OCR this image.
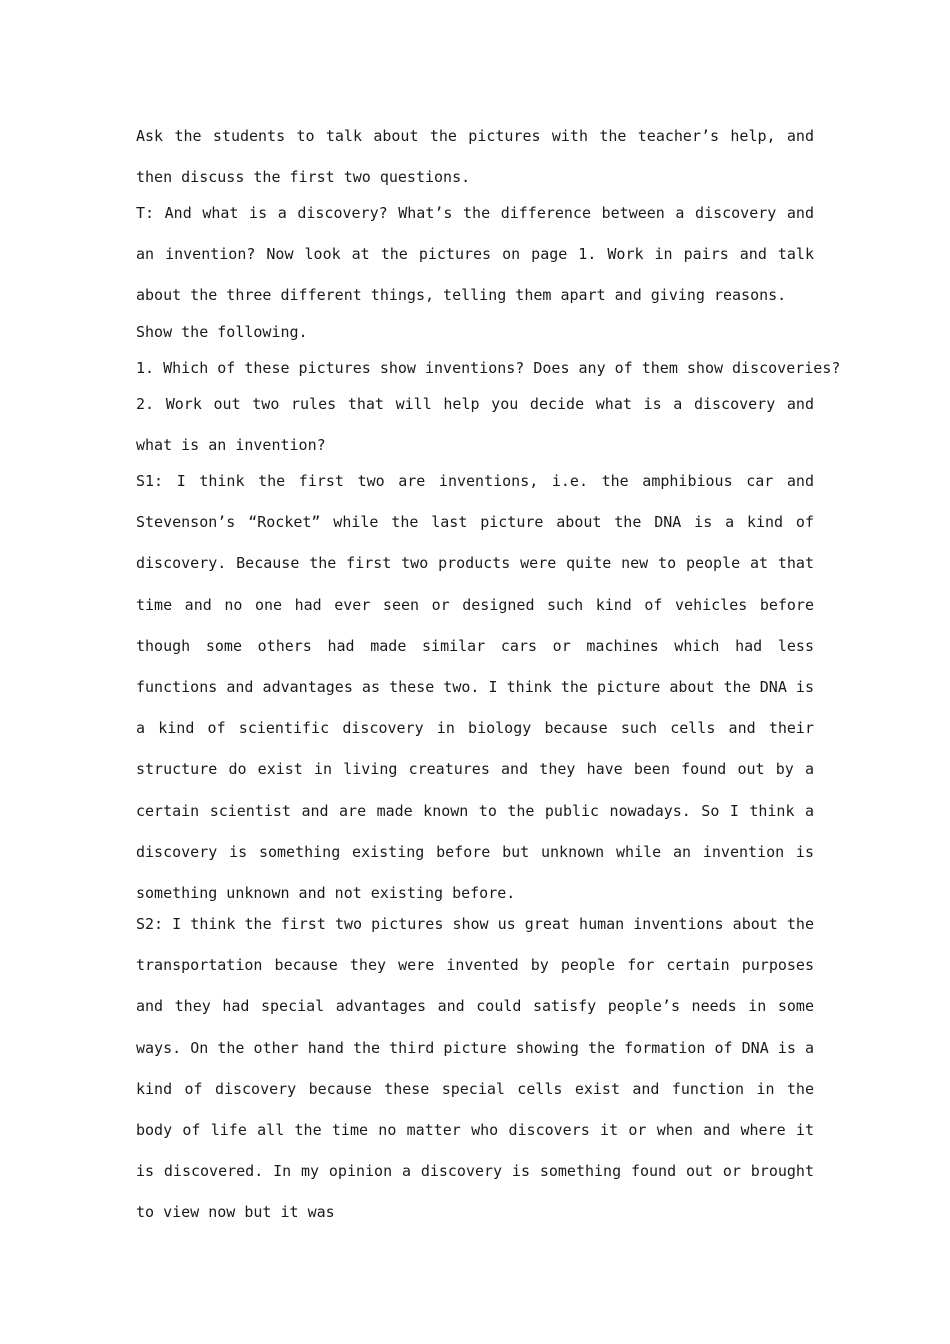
Ask the students to talk about the pictures with the teacher’s help, and then discuss the first two questions.

T: And what is a discovery? What’s the difference between a discovery and an invention? Now look at the pictures on page 1. Work in pairs and talk about the three different things, telling them apart and giving reasons.

Show the following.

1. Which of these pictures show inventions? Does any of them show discoveries?

2. Work out two rules that will help you decide what is a discovery and what is an invention?

S1: I think the first two are inventions, i.e. the amphibious car and Stevenson’s “Rocket” while the last picture about the DNA is a kind of discovery. Because the first two products were quite new to people at that time and no one had ever seen or designed such kind of vehicles before though some others had made similar cars or machines which had less functions and advantages as these two. I think the picture about the DNA is a kind of scientific discovery in biology because such cells and their structure do exist in living creatures and they have been found out by a certain scientist and are made known to the public nowadays. So I think a discovery is something existing before but unknown while an invention is something unknown and not existing before.

S2: I think the first two pictures show us great human inventions about the transportation because they were invented by people for certain purposes and they had special advantages and could satisfy people’s needs in some ways. On the other hand the third picture showing the formation of DNA is a kind of discovery because these special cells exist and function in the body of life all the time no matter who discovers it or when and where it is discovered. In my opinion a discovery is something found out or brought to view now but it was
